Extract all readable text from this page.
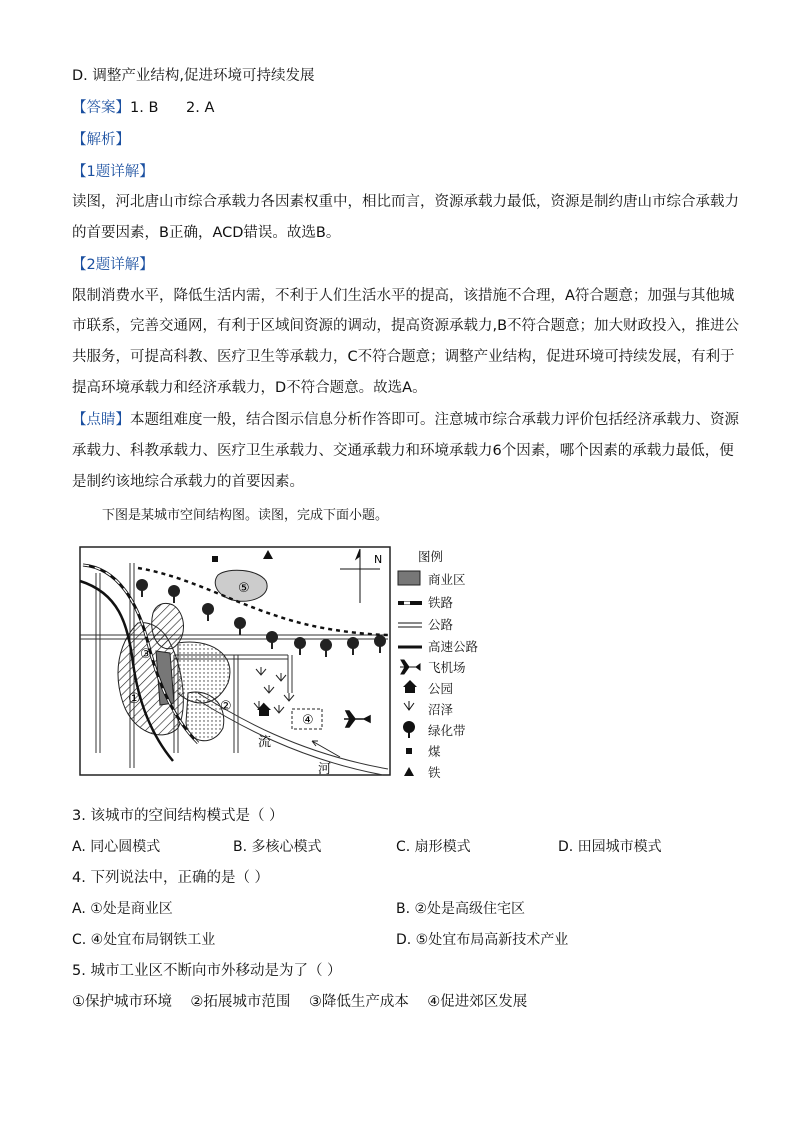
D. 调整产业结构,促进环境可持续发展
【答案】1. B      2. A
【解析】
【1题详解】
读图，河北唐山市综合承载力各因素权重中，相比而言，资源承载力最低，资源是制约唐山市综合承载力
的首要因素，B正确，ACD错误。故选B。
【2题详解】
限制消费水平，降低生活内需，不利于人们生活水平的提高，该措施不合理，A符合题意；加强与其他城
市联系，完善交通网，有利于区域间资源的调动，提高资源承载力,B不符合题意；加大财政投入，推进公
共服务，可提高科教、医疗卫生等承载力，C不符合题意；调整产业结构，促进环境可持续发展，有利于
提高环境承载力和经济承载力，D不符合题意。故选A。
【点睛】本题组难度一般，结合图示信息分析作答即可。注意城市综合承载力评价包括经济承载力、资源
承载力、科教承载力、医疗卫生承载力、交通承载力和环境承载力6个因素，哪个因素的承载力最低，便
是制约该地综合承载力的首要因素。
下图是某城市空间结构图。读图，完成下面小题。
N
⑤
③
①	②
④
流
河
图例
商业区
铁路
公路
高速公路
飞机场
公园
沼泽
绿化带
煤
铁
3. 该城市的空间结构模式是（ ）
A. 同心圆模式	B. 多核心模式	C. 扇形模式	D. 田园城市模式
4. 下列说法中，正确的是（ ）
A. ①处是商业区	B. ②处是高级住宅区
C. ④处宜布局钢铁工业	D. ⑤处宜布局高新技术产业
5. 城市工业区不断向市外移动是为了（ ）
①保护城市环境    ②拓展城市范围    ③降低生产成本    ④促进郊区发展
